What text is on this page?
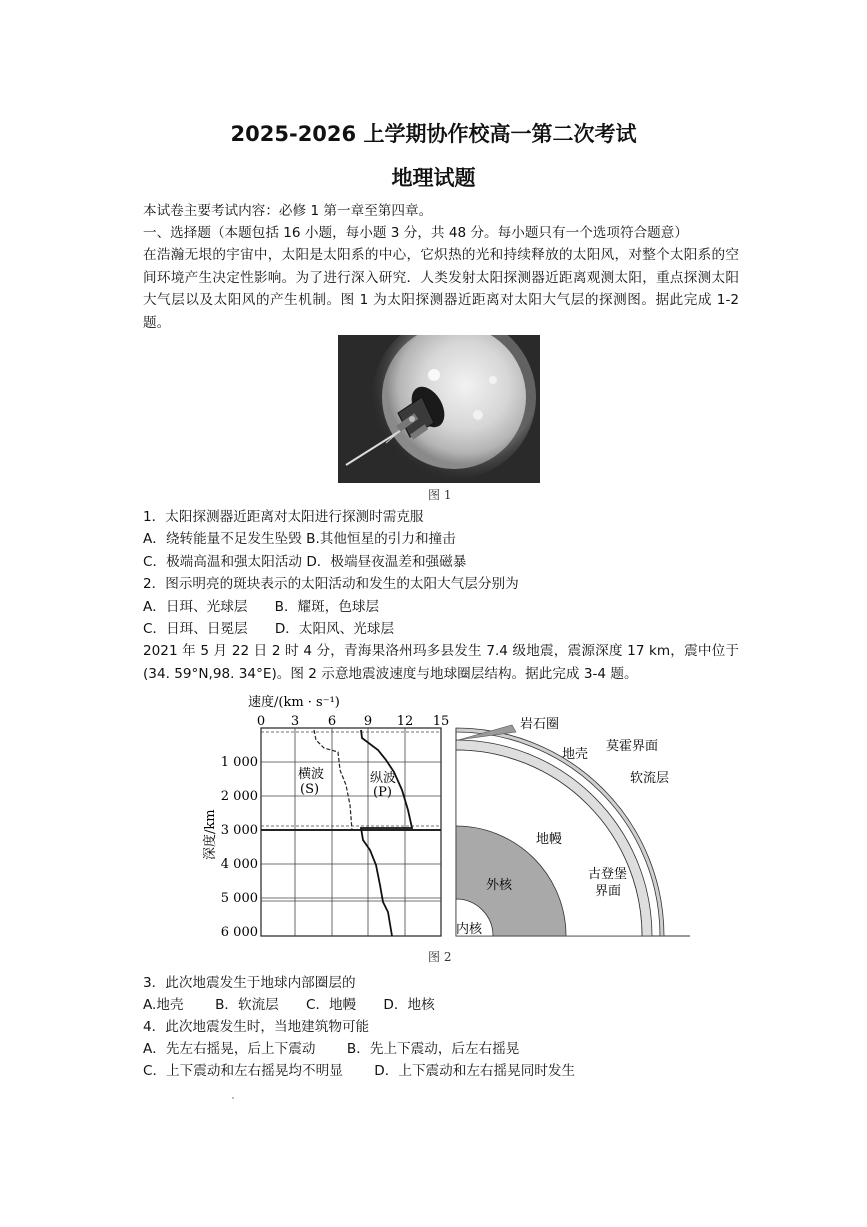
2025-2026 上学期协作校高一第二次考试
地理试题
本试卷主要考试内容：必修 1 第一章至第四章。
一、选择题（本题包括 16 小题，每小题 3 分，共 48 分。每小题只有一个选项符合题意）
在浩瀚无垠的宇宙中，太阳是太阳系的中心，它炽热的光和持续释放的太阳风，对整个太阳系的空间环境产生决定性影响。为了进行深入研究．人类发射太阳探测器近距离观测太阳，重点探测太阳大气层以及太阳风的产生机制。图 1 为太阳探测器近距离对太阳大气层的探测图。据此完成 1-2 题。
图 1
1．太阳探测器近距离对太阳进行探测时需克服
A．绕转能量不足发生坠毁 B.其他恒星的引力和撞击
C．极端高温和强太阳活动 D．极端昼夜温差和强磁暴
2．图示明亮的斑块表示的太阳活动和发生的太阳大气层分别为
A．日珥、光球层　　B．耀斑，色球层
C．日珥、日冕层　　D．太阳风、光球层
2021 年 5 月 22 日 2 时 4 分，青海果洛州玛多县发生 7.4 级地震，震源深度 17 km，震中位于(34. 59°N,98. 34°E)。图 2 示意地震波速度与地球圈层结构。据此完成 3-4 题。
速度/(km · s⁻¹)
0 3 6 9 12 15
1 000
2 000
3 000
4 000
5 000
6 000
深度/km
横波
(S)
纵波
(P)
岩石圈
地壳
莫霍界面
软流层
地幔
古登堡
界面
外核
内核
图 2
3．此次地震发生于地球内部圈层的
A.地壳　　 B．软流层　　C．地幔　　D．地核
4．此次地震发生时，当地建筑物可能
A．先左右摇晃，后上下震动　　 B．先上下震动，后左右摇晃
C．上下震动和左右摇晃均不明显　　 D．上下震动和左右摇晃同时发生
